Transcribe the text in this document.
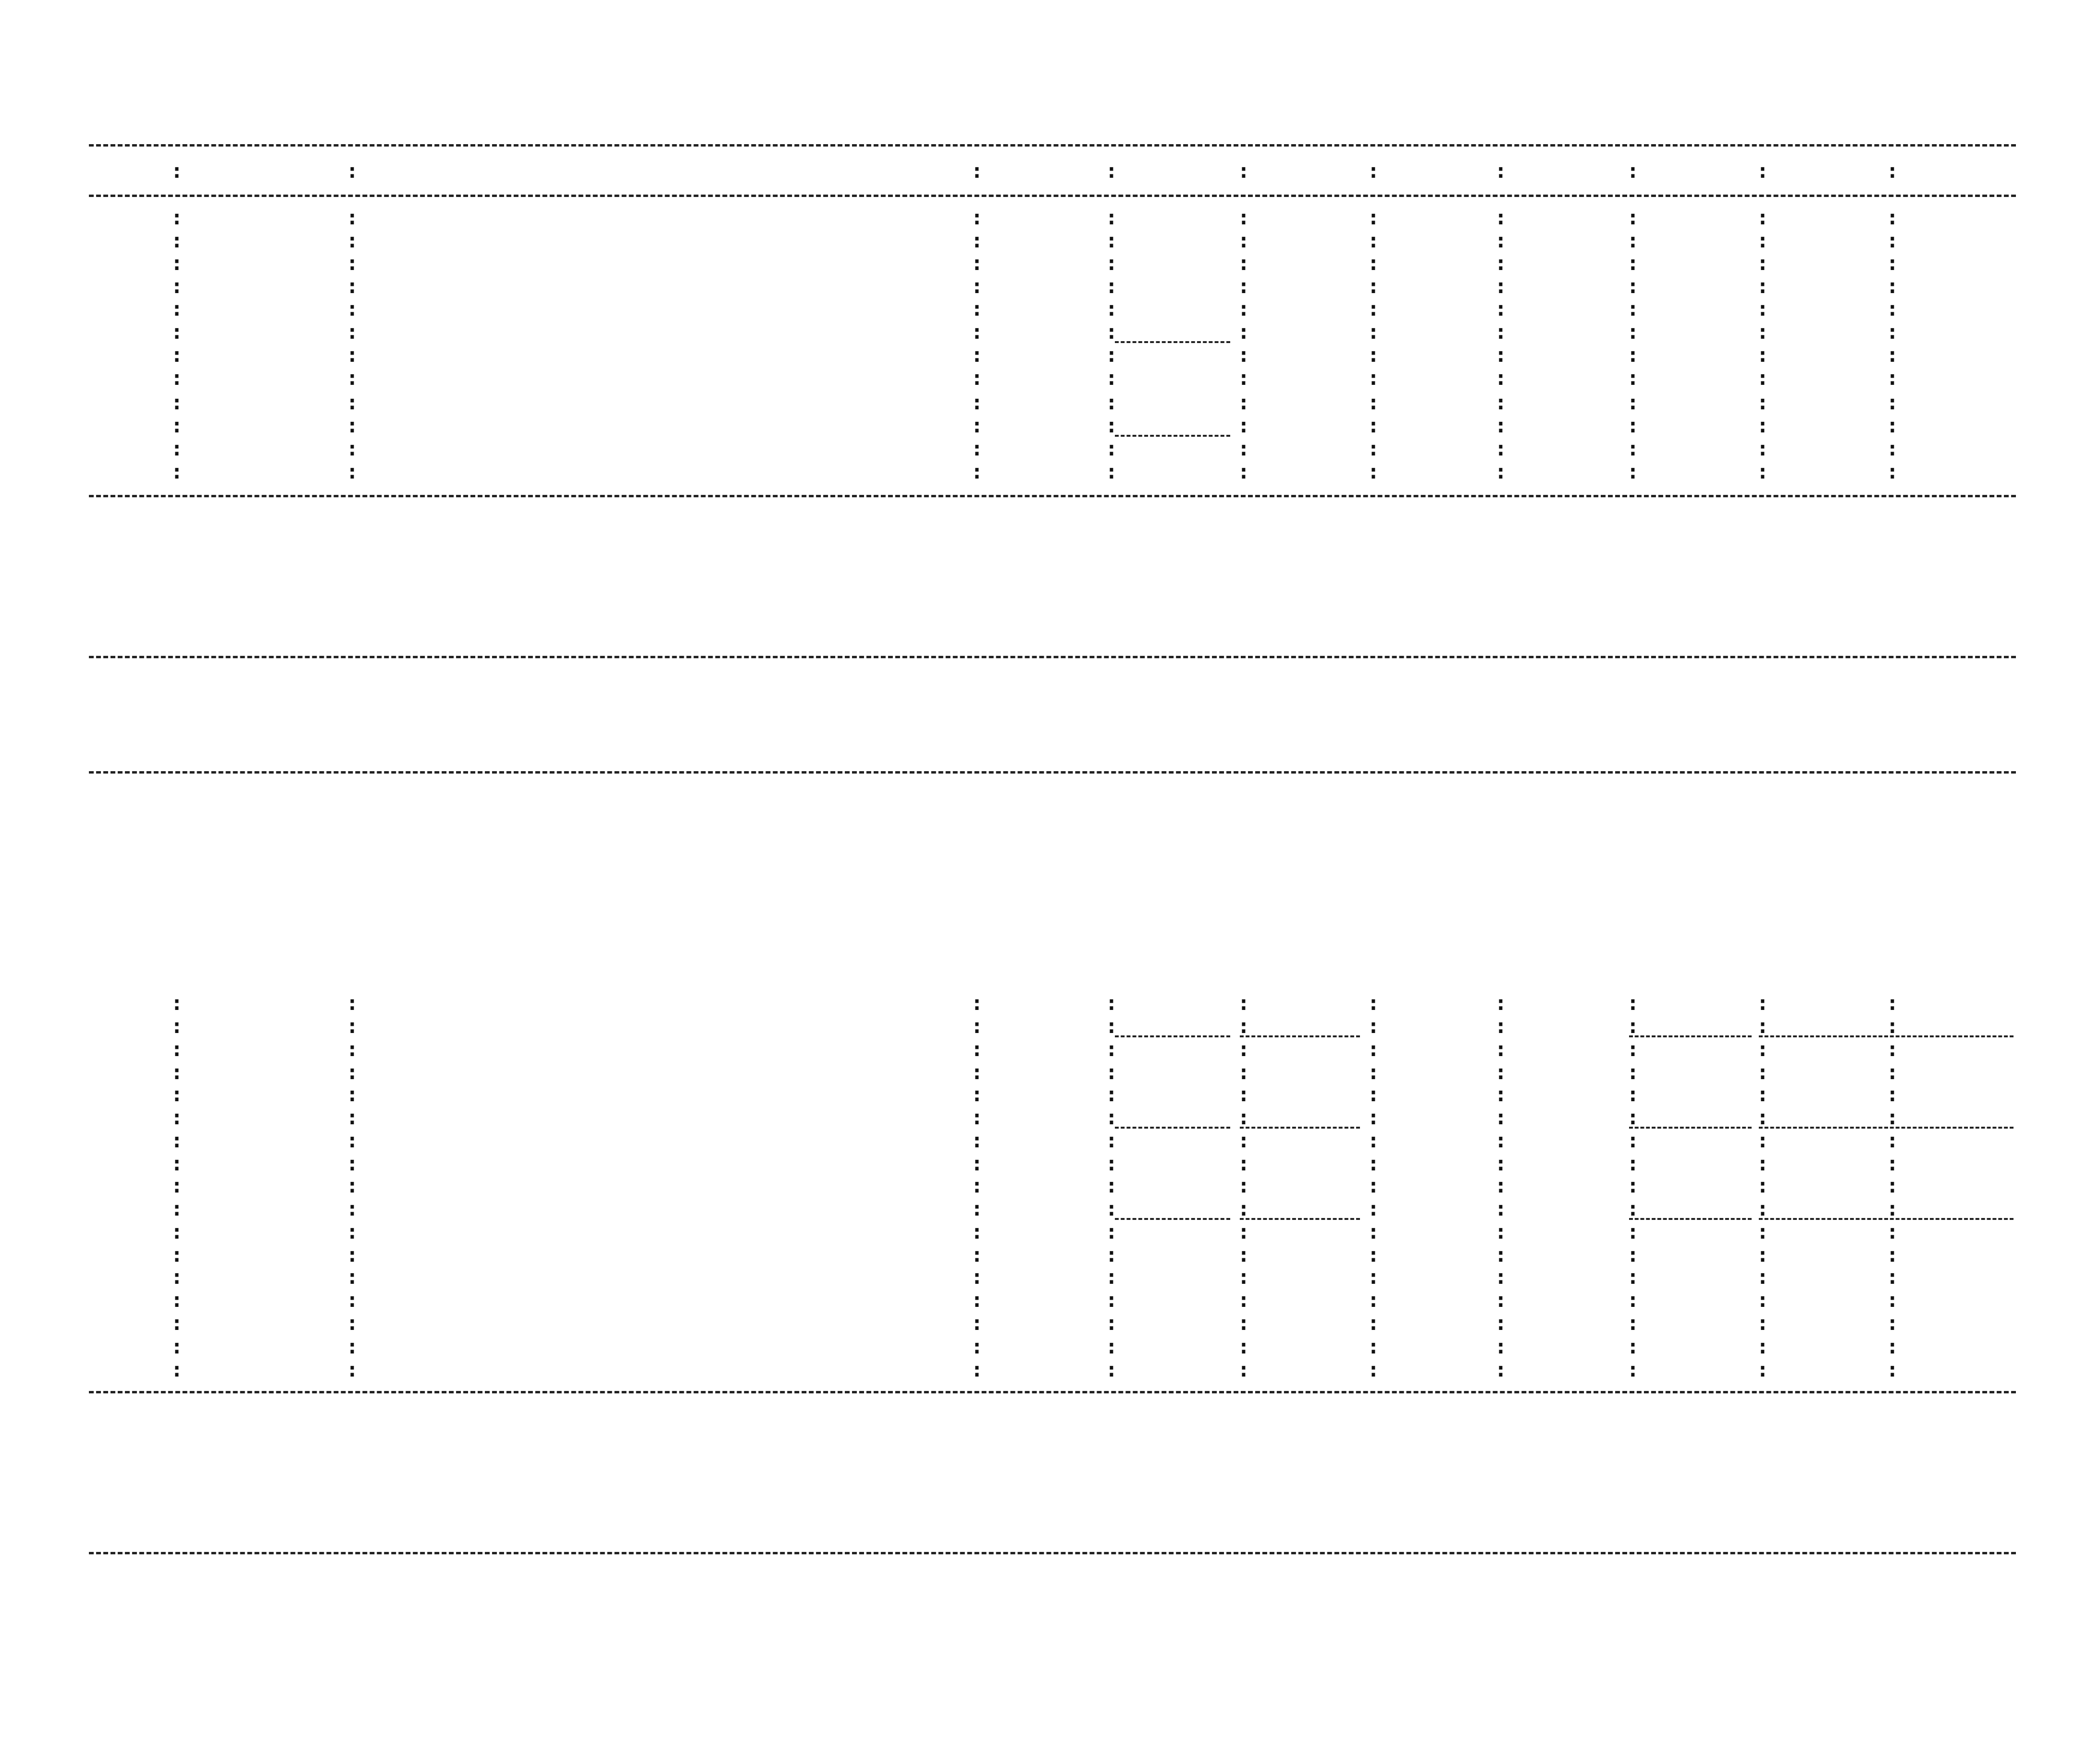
:	:	:	:	:	:	:	:	:	:
:	:	:	:	:	:	:	:	:	:
:	:	:	:	:	:	:	:	:	:
:	:	:	:	:	:	:	:	:	:
:	:	:	:	:	:	:	:	:	:
:	:	:	:	:	:	:	:	:	:
:	:	:	:	:	:	:	:	:	:
:	:	:	:	:	:	:	:	:	:
:	:	:	:	:	:	:	:	:	:
:	:	:	:	:	:	:	:	:	:
:	:	:	:	:	:	:	:	:	:
:	:	:	:	:	:	:	:	:	:
:	:	:	:	:	:	:	:	:	:
:	:	:	:	:	:	:	:	:	:
:	:	:	:	:	:	:	:	:	:
:	:	:	:	:	:	:	:	:	:
:	:	:	:	:	:	:	:	:	:
:	:	:	:	:	:	:	:	:	:
:	:	:	:	:	:	:	:	:	:
:	:	:	:	:	:	:	:	:	:
:	:	:	:	:	:	:	:	:	:
:	:	:	:	:	:	:	:	:	:
:	:	:	:	:	:	:	:	:	:
:	:	:	:	:	:	:	:	:	:
:	:	:	:	:	:	:	:	:	:
:	:	:	:	:	:	:	:	:	:
:	:	:	:	:	:	:	:	:	:
:	:	:	:	:	:	:	:	:	:
:	:	:	:	:	:	:	:	:	:
:	:	:	:	:	:	:	:	:	:
